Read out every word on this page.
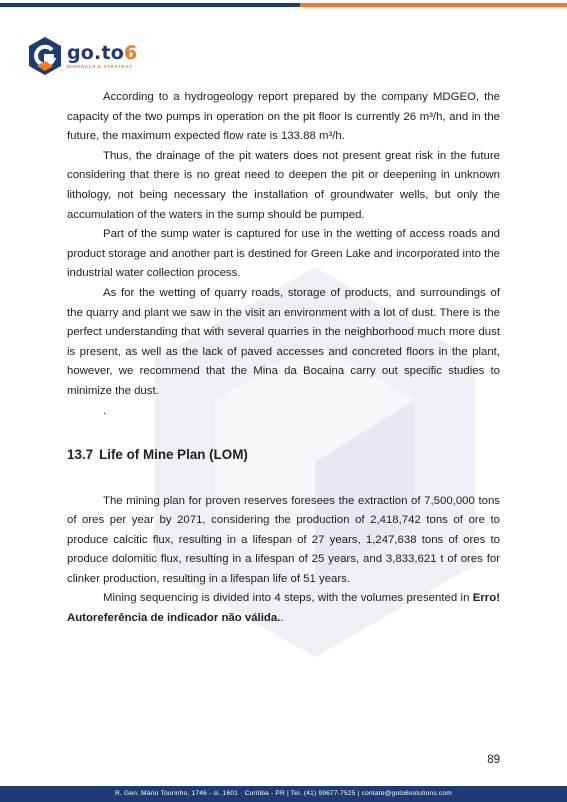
go.to6
MINERALS & STRATEGY

According to a hydrogeology report prepared by the company MDGEO, the capacity of the two pumps in operation on the pit floor is currently 26 m³/h, and in the future, the maximum expected flow rate is 133.88 m³/h.

Thus, the drainage of the pit waters does not present great risk in the future considering that there is no great need to deepen the pit or deepening in unknown lithology, not being necessary the installation of groundwater wells, but only the accumulation of the waters in the sump should be pumped.

Part of the sump water is captured for use in the wetting of access roads and product storage and another part is destined for Green Lake and incorporated into the industrial water collection process.

As for the wetting of quarry roads, storage of products, and surroundings of the quarry and plant we saw in the visit an environment with a lot of dust. There is the perfect understanding that with several quarries in the neighborhood much more dust is present, as well as the lack of paved accesses and concreted floors in the plant, however, we recommend that the Mina da Bocaina carry out specific studies to minimize the dust.

.
13.7 Life of Mine Plan (LOM)

The mining plan for proven reserves foresees the extraction of 7,500,000 tons of ores per year by 2071, considering the production of 2,418,742 tons of ore to produce calcitic flux, resulting in a lifespan of 27 years, 1,247,638 tons of ores to produce dolomitic flux, resulting in a lifespan of 25 years, and 3,833,621 t of ores for clinker production, resulting in a lifespan life of 51 years.

Mining sequencing is divided into 4 steps, with the volumes presented in Erro! Autoreferência de indicador não válida..

89
R. Gen. Mário Tourinho, 1746 - sl. 1601 · Curitiba - PR | Tel. (41) 99677-7525 | contato@goto6solutions.com
